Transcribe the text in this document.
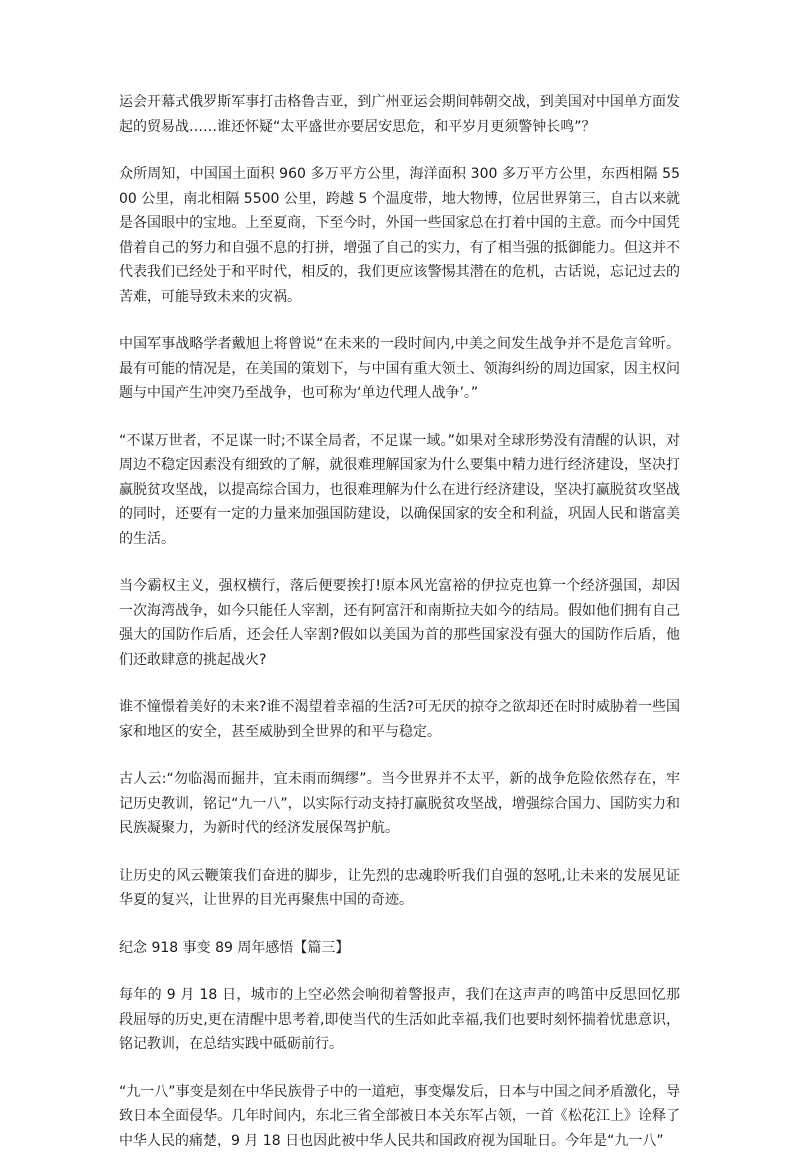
运会开幕式俄罗斯军事打击格鲁吉亚，到广州亚运会期间韩朝交战，到美国对中国单方面发起的贸易战……谁还怀疑“太平盛世亦要居安思危，和平岁月更须警钟长鸣”？

众所周知，中国国土面积 960 多万平方公里，海洋面积 300 多万平方公里，东西相隔 5500 公里，南北相隔 5500 公里，跨越 5 个温度带，地大物博，位居世界第三，自古以来就是各国眼中的宝地。上至夏商，下至今时，外国一些国家总在打着中国的主意。而今中国凭借着自己的努力和自强不息的打拼，增强了自己的实力，有了相当强的抵御能力。但这并不代表我们已经处于和平时代，相反的，我们更应该警惕其潜在的危机，古话说，忘记过去的苦难，可能导致未来的灾祸。

中国军事战略学者戴旭上将曾说“在未来的一段时间内,中美之间发生战争并不是危言耸听。最有可能的情况是，在美国的策划下，与中国有重大领土、领海纠纷的周边国家，因主权问题与中国产生冲突乃至战争，也可称为‘单边代理人战争’。”

“不谋万世者，不足谋一时;不谋全局者，不足谋一域。”如果对全球形势没有清醒的认识，对周边不稳定因素没有细致的了解，就很难理解国家为什么要集中精力进行经济建设，坚决打赢脱贫攻坚战，以提高综合国力，也很难理解为什么在进行经济建设，坚决打赢脱贫攻坚战的同时，还要有一定的力量来加强国防建设，以确保国家的安全和利益，巩固人民和谐富美的生活。

当今霸权主义，强权横行，落后便要挨打!原本风光富裕的伊拉克也算一个经济强国，却因一次海湾战争，如今只能任人宰割，还有阿富汗和南斯拉夫如今的结局。假如他们拥有自己强大的国防作后盾，还会任人宰割?假如以美国为首的那些国家没有强大的国防作后盾，他们还敢肆意的挑起战火?

谁不憧憬着美好的未来?谁不渴望着幸福的生活?可无厌的掠夺之欲却还在时时威胁着一些国家和地区的安全，甚至威胁到全世界的和平与稳定。

古人云:“勿临渴而掘井，宜未雨而绸缪”。当今世界并不太平，新的战争危险依然存在，牢记历史教训，铭记“九一八”，以实际行动支持打赢脱贫攻坚战，增强综合国力、国防实力和民族凝聚力，为新时代的经济发展保驾护航。

让历史的风云鞭策我们奋进的脚步，让先烈的忠魂聆听我们自强的怒吼,让未来的发展见证华夏的复兴，让世界的目光再聚焦中国的奇迹。

纪念 918 事变 89 周年感悟【篇三】

每年的 9 月 18 日，城市的上空必然会响彻着警报声，我们在这声声的鸣笛中反思回忆那段屈辱的历史,更在清醒中思考着,即使当代的生活如此幸福,我们也要时刻怀揣着忧患意识，铭记教训，在总结实践中砥砺前行。

“九一八”事变是刻在中华民族骨子中的一道疤，事变爆发后，日本与中国之间矛盾激化，导致日本全面侵华。几年时间内，东北三省全部被日本关东军占领，一首《松花江上》诠释了中华人民的痛楚，9 月 18 日也因此被中华人民共和国政府视为国耻日。今年是“九一八”
